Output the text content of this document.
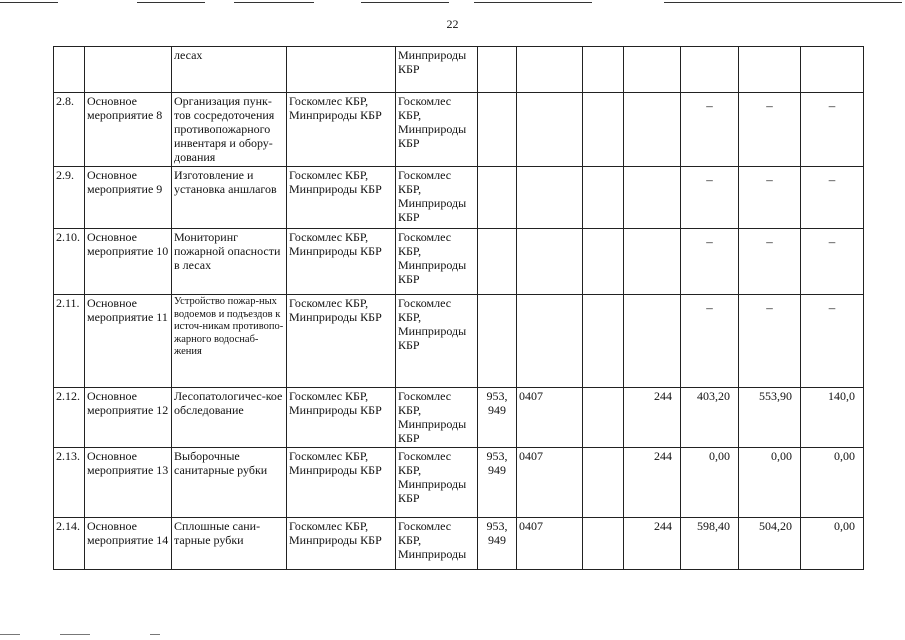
22
		лесах		Минприроды КБР							
2.8.	Основное мероприятие 8	Организация пунк-тов сосредоточения противопожарного инвентаря и обору-дования	Госкомлес КБР, Минприроды КБР	Госкомлес КБР, Минприроды КБР					–	–	–
2.9.	Основное мероприятие 9	Изготовление и установка аншлагов	Госкомлес КБР, Минприроды КБР	Госкомлес КБР, Минприроды КБР					–	–	–
2.10.	Основное мероприятие 10	Мониторинг пожарной опасности в лесах	Госкомлес КБР, Минприроды КБР	Госкомлес КБР, Минприроды КБР					–	–	–
2.11.	Основное мероприятие 11	Устройство пожар-ных водоемов и подъездов к источ-никам противопо-жарного водоснаб-жения	Госкомлес КБР, Минприроды КБР	Госкомлес КБР, Минприроды КБР					–	–	–
2.12.	Основное мероприятие 12	Лесопатологичес-кое обследование	Госкомлес КБР, Минприроды КБР	Госкомлес КБР, Минприроды КБР	953, 949	0407		244	403,20	553,90	140,0
2.13.	Основное мероприятие 13	Выборочные санитарные рубки	Госкомлес КБР, Минприроды КБР	Госкомлес КБР, Минприроды КБР	953, 949	0407		244	0,00	0,00	0,00
2.14.	Основное мероприятие 14	Сплошные сани-тарные рубки	Госкомлес КБР, Минприроды КБР	Госкомлес КБР, Минприроды	953, 949	0407		244	598,40	504,20	0,00
